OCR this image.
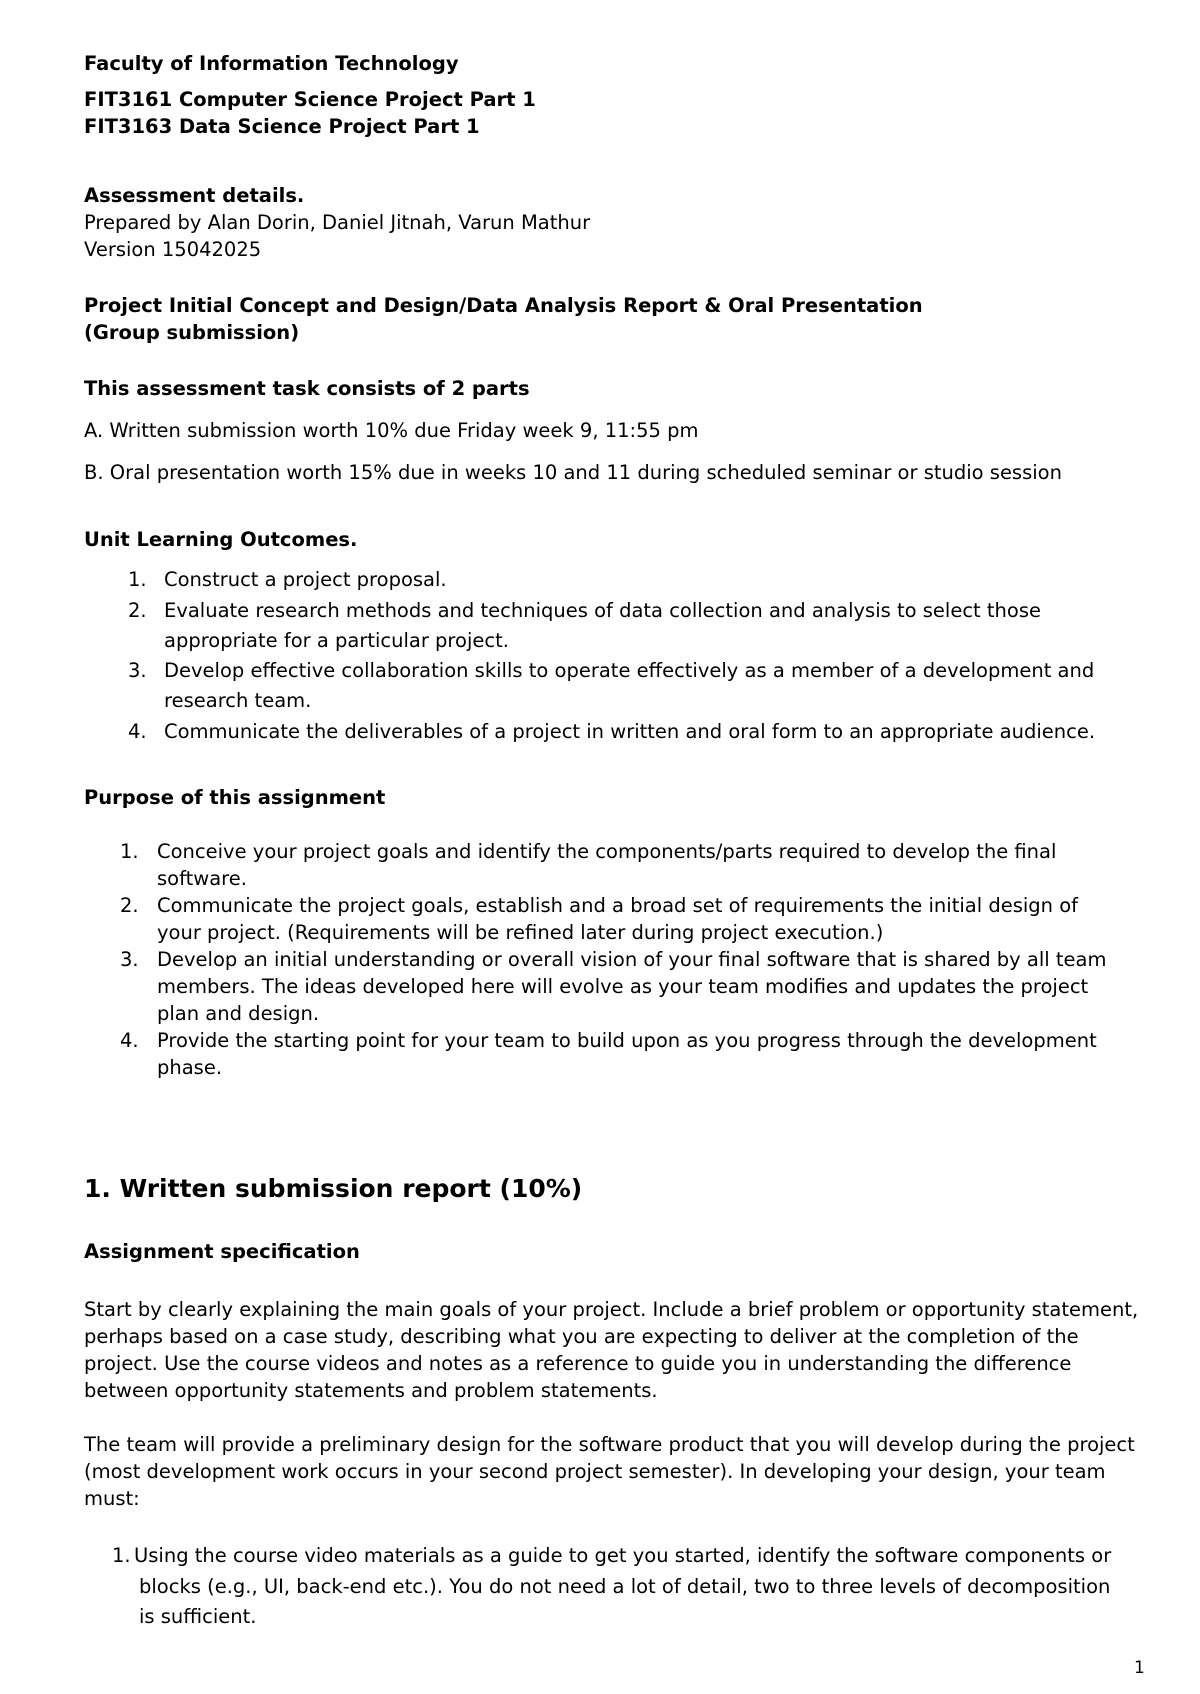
Faculty of Information Technology
FIT3161 Computer Science Project Part 1
FIT3163 Data Science Project Part 1
Assessment details.
Prepared by Alan Dorin, Daniel Jitnah, Varun Mathur
Version 15042025
Project Initial Concept and Design/Data Analysis Report & Oral Presentation
(Group submission)
This assessment task consists of 2 parts
A. Written submission worth 10% due Friday week 9, 11:55 pm
B. Oral presentation worth 15% due in weeks 10 and 11 during scheduled seminar or studio session
Unit Learning Outcomes.
1. Construct a project proposal.
2. Evaluate research methods and techniques of data collection and analysis to select those
appropriate for a particular project.
3. Develop effective collaboration skills to operate effectively as a member of a development and
research team.
4. Communicate the deliverables of a project in written and oral form to an appropriate audience.
Purpose of this assignment
1. Conceive your project goals and identify the components/parts required to develop the final
software.
2. Communicate the project goals, establish and a broad set of requirements the initial design of
your project. (Requirements will be refined later during project execution.)
3. Develop an initial understanding or overall vision of your final software that is shared by all team
members. The ideas developed here will evolve as your team modifies and updates the project
plan and design.
4. Provide the starting point for your team to build upon as you progress through the development
phase.
1. Written submission report (10%)
Assignment specification
Start by clearly explaining the main goals of your project. Include a brief problem or opportunity statement,
perhaps based on a case study, describing what you are expecting to deliver at the completion of the
project. Use the course videos and notes as a reference to guide you in understanding the difference
between opportunity statements and problem statements.
The team will provide a preliminary design for the software product that you will develop during the project
(most development work occurs in your second project semester). In developing your design, your team
must:
1. Using the course video materials as a guide to get you started, identify the software components or
blocks (e.g., UI, back-end etc.). You do not need a lot of detail, two to three levels of decomposition
is sufficient.
1
